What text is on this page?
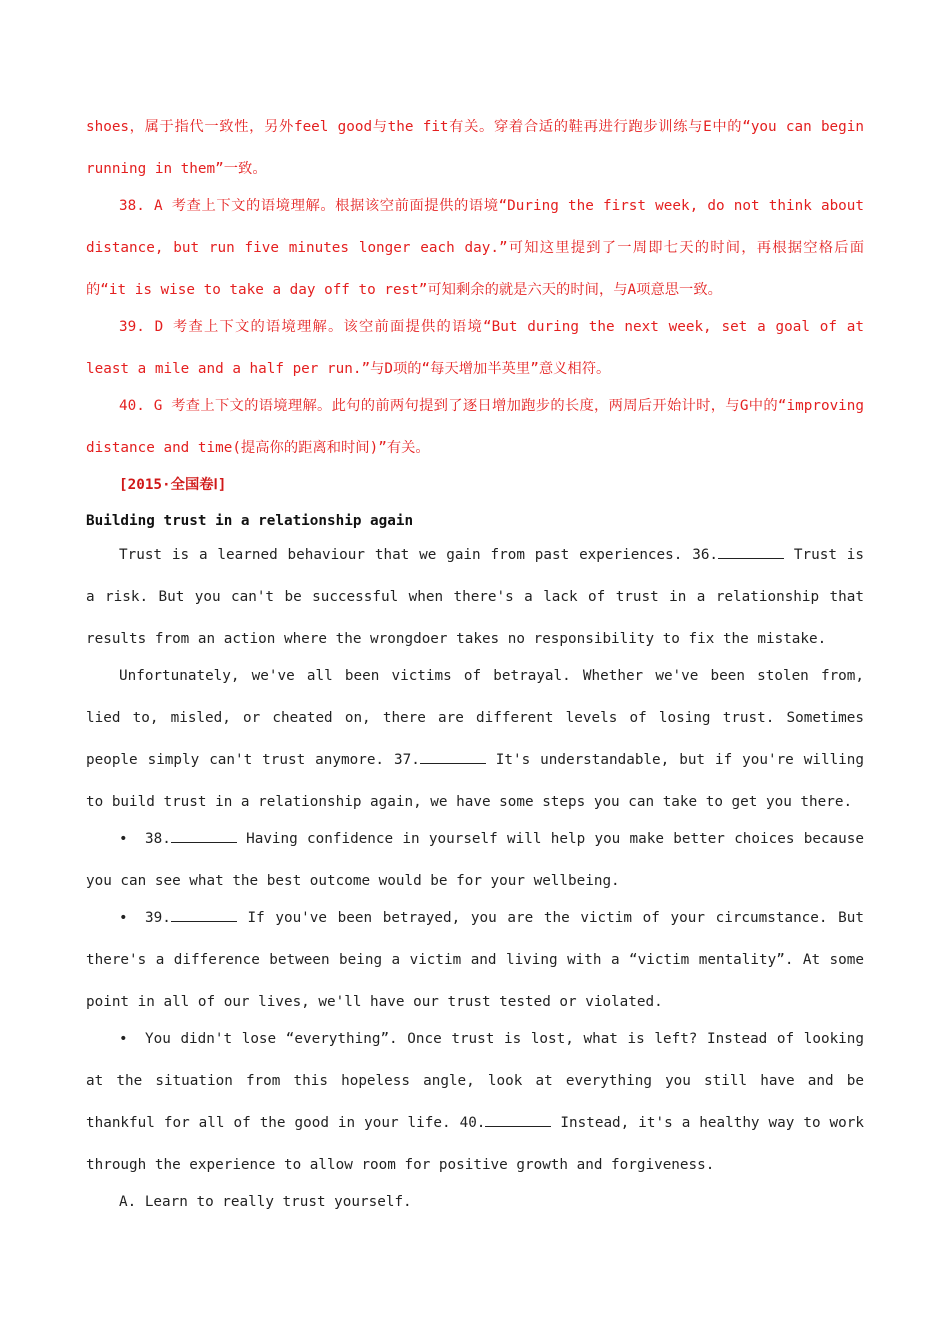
shoes，属于指代一致性，另外feel good与the fit有关。穿着合适的鞋再进行跑步训练与E中的“you can begin running in them”一致。

38. A 考查上下文的语境理解。根据该空前面提供的语境“During the first week, do not think about distance, but run five minutes longer each day.”可知这里提到了一周即七天的时间，再根据空格后面的“it is wise to take a day off to rest”可知剩余的就是六天的时间，与A项意思一致。

39. D 考查上下文的语境理解。该空前面提供的语境“But during the next week, set a goal of at least a mile and a half per run.”与D项的“每天增加半英里”意义相符。

40. G 考查上下文的语境理解。此句的前两句提到了逐日增加跑步的长度，两周后开始计时，与G中的“improving distance and time(提高你的距离和时间)”有关。

[2015·全国卷Ⅰ]

Building trust in a relationship again

Trust is a learned behaviour that we gain from past experiences. 36.	Trust is a risk. But you can't be successful when there's a lack of trust in a relationship that results from an action where the wrongdoer takes no responsibility to fix the mistake.

Unfortunately, we've all been victims of betrayal. Whether we've been stolen from, lied to, misled, or cheated on, there are different levels of losing trust. Sometimes people simply can't trust anymore. 37.	It's understandable, but if you're willing to build trust in a relationship again, we have some steps you can take to get you there.

• 38.	Having confidence in yourself will help you make better choices because you can see what the best outcome would be for your wellbeing.

• 39.	If you've been betrayed, you are the victim of your circumstance. But there's a difference between being a victim and living with a “victim mentality”. At some point in all of our lives, we'll have our trust tested or violated.

• You didn't lose “everything”. Once trust is lost, what is left? Instead of looking at the situation from this hopeless angle, look at everything you still have and be thankful for all of the good in your life. 40.	Instead, it's a healthy way to work through the experience to allow room for positive growth and forgiveness.

A. Learn to really trust yourself.
